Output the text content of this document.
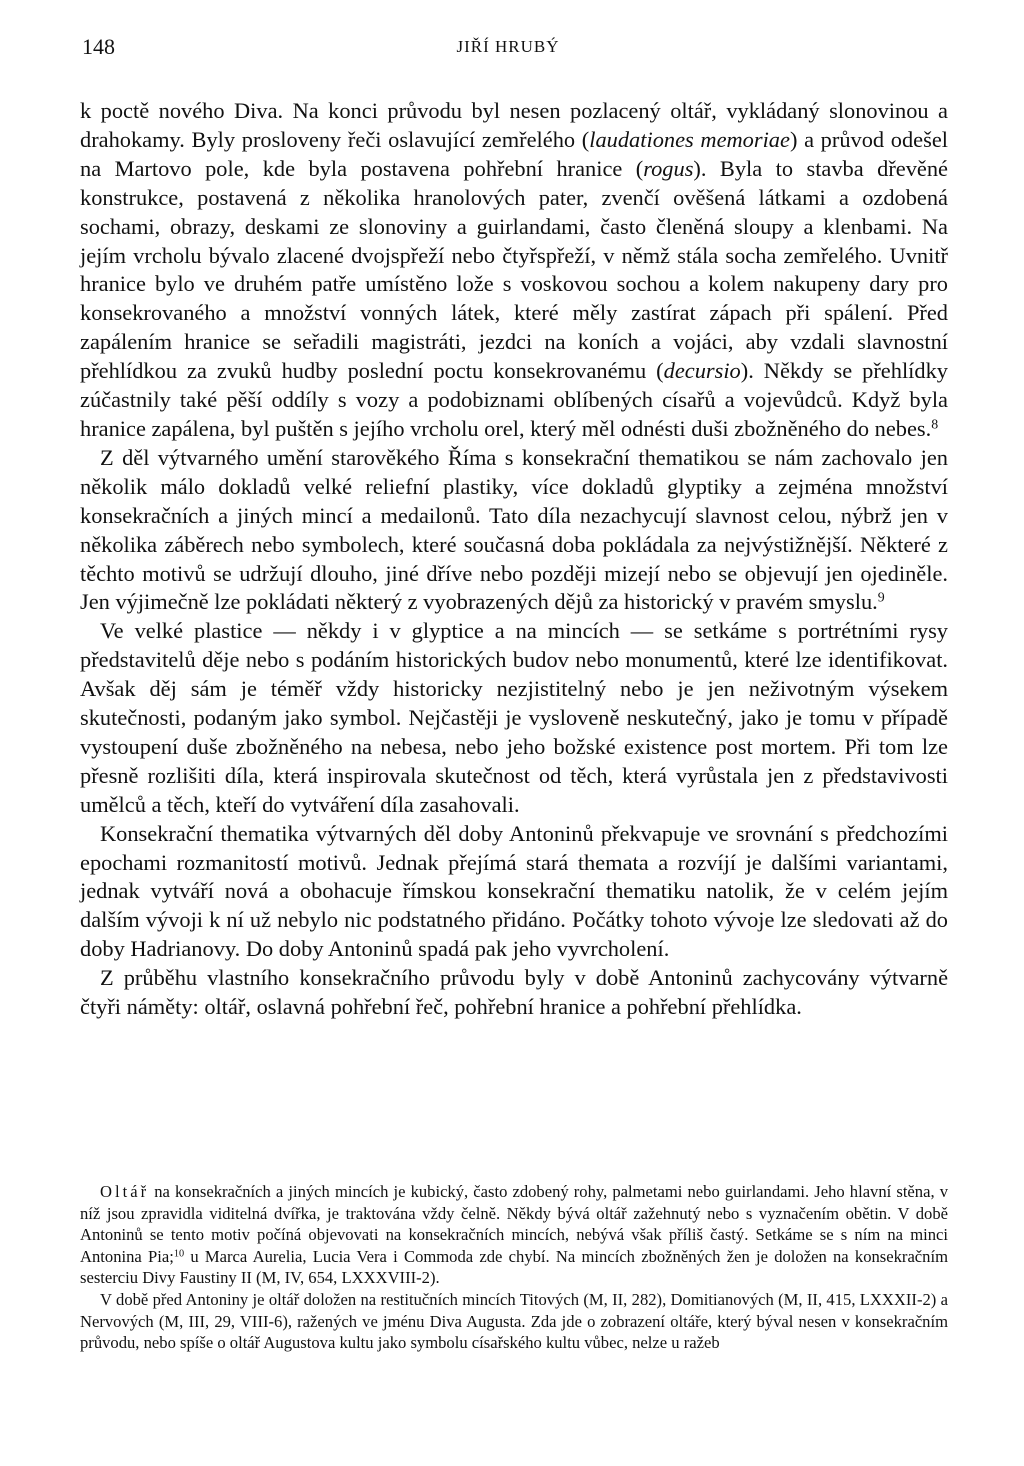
148	JIŘÍ HRUBÝ

k poctě nového Diva. Na konci průvodu byl nesen pozlacený oltář, vykládaný slonovinou a drahokamy. Byly prosloveny řeči oslavující zemřelého (laudationes memoriae) a průvod odešel na Martovo pole, kde byla postavena pohřební hranice (rogus). Byla to stavba dřevěné konstrukce, postavená z několika hranolových pater, zvenčí ověšená látkami a ozdobená sochami, obrazy, deskami ze slonoviny a guirlandami, často členěná sloupy a klenbami. Na jejím vrcholu bývalo zlacené dvojspřeží nebo čtyřspřeží, v němž stála socha zemřelého. Uvnitř hranice bylo ve druhém patře umístěno lože s voskovou sochou a kolem nakupeny dary pro konsekrovaného a množství vonných látek, které měly zastírat zápach při spálení. Před zapálením hranice se seřadili magistráti, jezdci na koních a vojáci, aby vzdali slavnostní přehlídkou za zvuků hudby poslední poctu konsekrovanému (decursio). Někdy se přehlídky zúčastnily také pěší oddíly s vozy a podobiznami oblíbených císařů a vojevůdců. Když byla hranice zapálena, byl puštěn s jejího vrcholu orel, který měl odnésti duši zbožněného do nebes.$^8$

Z děl výtvarného umění starověkého Říma s konsekrační thematikou se nám zachovalo jen několik málo dokladů velké reliefní plastiky, více dokladů glyptiky a zejména množství konsekračních a jiných mincí a medailonů. Tato díla nezachycují slavnost celou, nýbrž jen v několika záběrech nebo symbolech, které současná doba pokládala za nejvýstižnější. Některé z těchto motivů se udržují dlouho, jiné dříve nebo později mizejí nebo se objevují jen ojediněle. Jen výjimečně lze pokládati některý z vyobrazených dějů za historický v pravém smyslu.$^9$

Ve velké plastice — někdy i v glyptice a na mincích — se setkáme s portrétními rysy představitelů děje nebo s podáním historických budov nebo monumentů, které lze identifikovat. Avšak děj sám je téměř vždy historicky nezjistitelný nebo je jen neživotným výsekem skutečnosti, podaným jako symbol. Nejčastěji je vysloveně neskutečný, jako je tomu v případě vystoupení duše zbožněného na nebesa, nebo jeho božské existence post mortem. Při tom lze přesně rozlišiti díla, která inspirovala skutečnost od těch, která vyrůstala jen z představivosti umělců a těch, kteří do vytváření díla zasahovali.

Konsekrační thematika výtvarných děl doby Antoninů překvapuje ve srovnání s předchozími epochami rozmanitostí motivů. Jednak přejímá stará themata a rozvíjí je dalšími variantami, jednak vytváří nová a obohacuje římskou konsekrační thematiku natolik, že v celém jejím dalším vývoji k ní už nebylo nic podstatného přidáno. Počátky tohoto vývoje lze sledovati až do doby Hadrianovy. Do doby Antoninů spadá pak jeho vyvrcholení.

Z průběhu vlastního konsekračního průvodu byly v době Antoninů zachycovány výtvarně čtyři náměty: oltář, oslavná pohřební řeč, pohřební hranice a pohřební přehlídka.

Oltář na konsekračních a jiných mincích je kubický, často zdobený rohy, palmetami nebo guirlandami. Jeho hlavní stěna, v níž jsou zpravidla viditelná dvířka, je traktována vždy čelně. Někdy bývá oltář zažehnutý nebo s vyznačením obětin. V době Antoninů se tento motiv počíná objevovati na konsekračních mincích, nebývá však příliš častý. Setkáme se s ním na minci Antonina Pia;$^{10}$ u Marca Aurelia, Lucia Vera i Commoda zde chybí. Na mincích zbožněných žen je doložen na konsekračním sesterciu Divy Faustiny II (M, IV, 654, LXXXVIII-2).

V době před Antoniny je oltář doložen na restitučních mincích Titových (M, II, 282), Domitianových (M, II, 415, LXXXII-2) a Nervových (M, III, 29, VIII-6), ražených ve jménu Diva Augusta. Zda jde o zobrazení oltáře, který býval nesen v konsekračním průvodu, nebo spíše o oltář Augustova kultu jako symbolu císařského kultu vůbec, nelze u ražeb
